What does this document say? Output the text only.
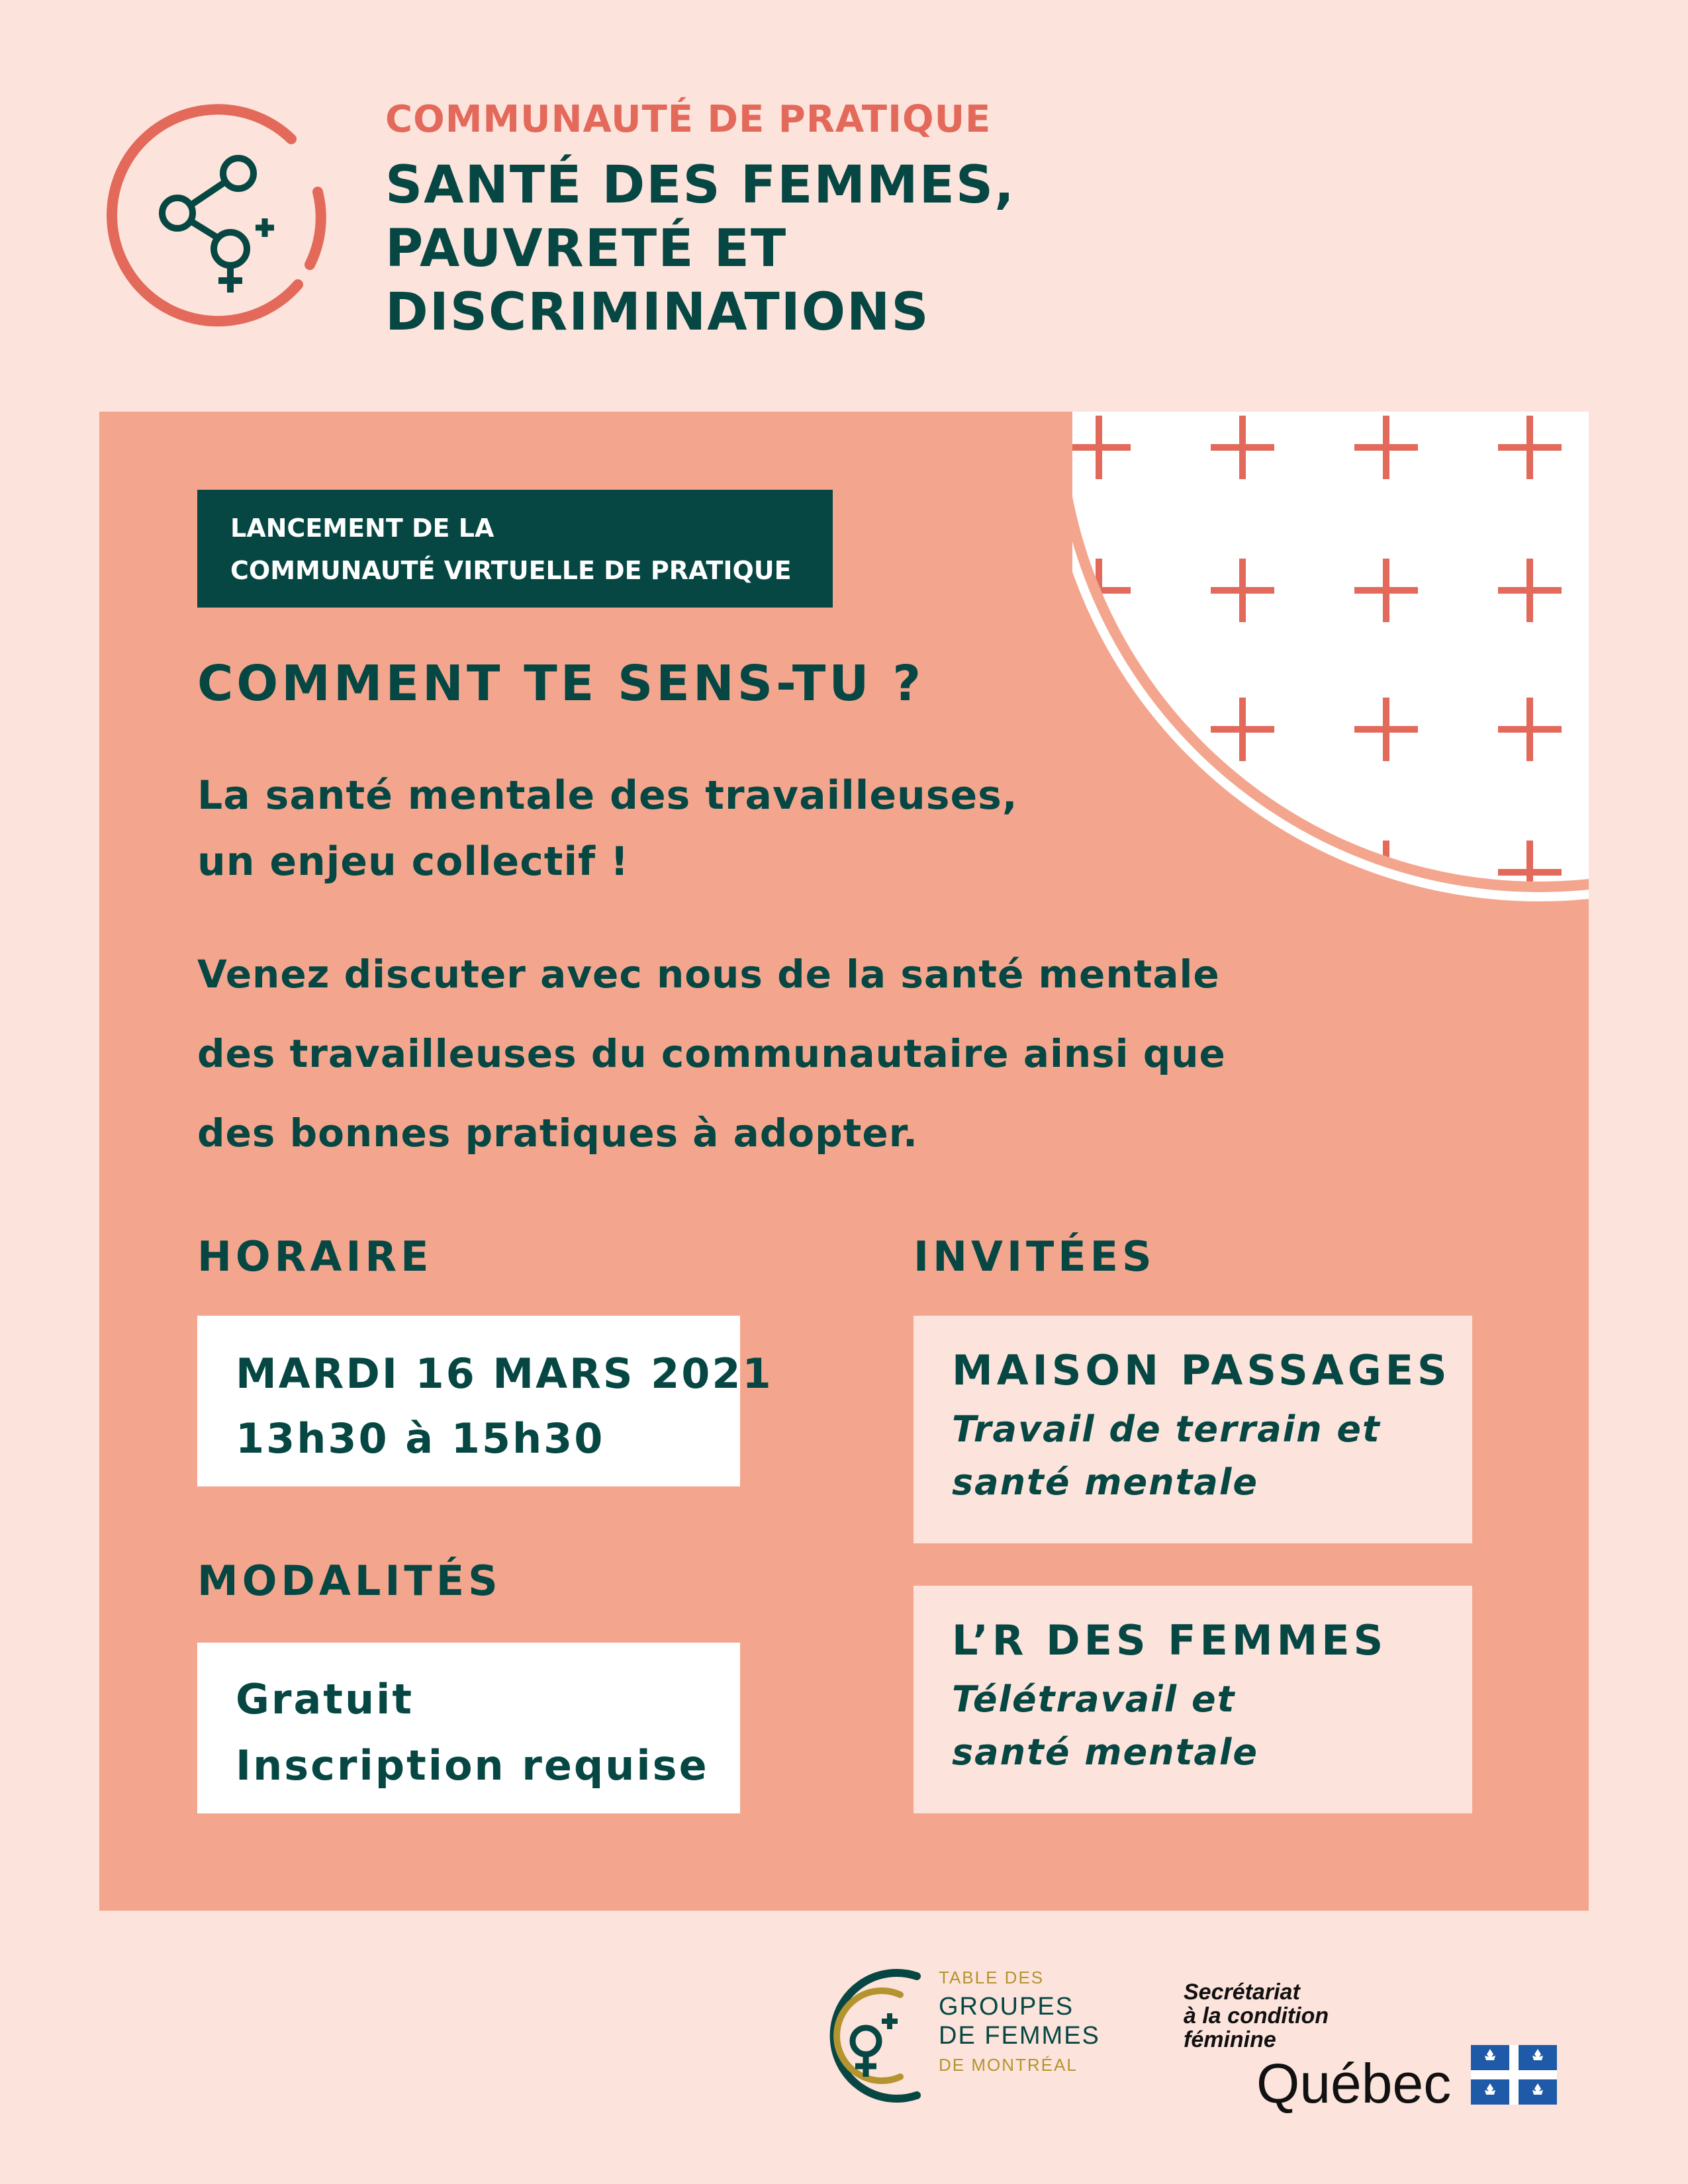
COMMUNAUTÉ DE PRATIQUE
SANTÉ DES FEMMES,
PAUVRETÉ ET
DISCRIMINATIONS
LANCEMENT DE LA
COMMUNAUTÉ VIRTUELLE DE PRATIQUE
COMMENT TE SENS-TU ?
La santé mentale des travailleuses,
un enjeu collectif !
Venez discuter avec nous de la santé mentale
des travailleuses du communautaire ainsi que
des bonnes pratiques à adopter.
HORAIRE
MARDI 16 MARS 2021
13h30 à 15h30
MODALITÉS
Gratuit
Inscription requise
INVITÉES
MAISON PASSAGES
Travail de terrain et
santé mentale
L’R DES FEMMES
Télétravail et
santé mentale
TABLE DES
GROUPES
DE FEMMES
DE MONTRÉAL
Secrétariat
à la condition
féminine
Québec
